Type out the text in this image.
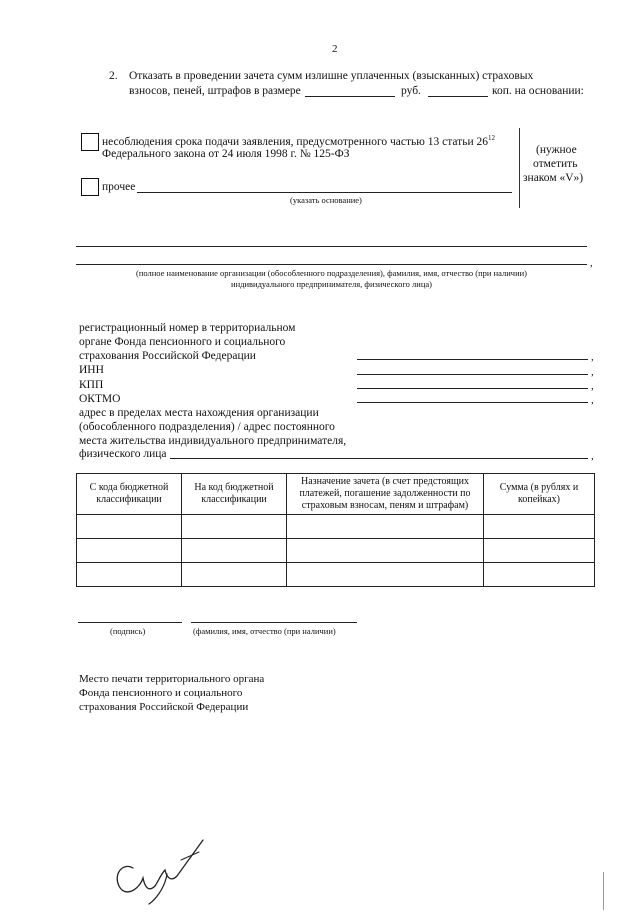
2
2. Отказать в проведении зачета сумм излишне уплаченных (взысканных) страховых
взносов, пеней, штрафов в размере	руб.	коп. на основании:
несоблюдения срока подачи заявления, предусмотренного частью 13 статьи $26^{12}$
Федерального закона от 24 июля 1998 г. № 125-ФЗ
прочее
(указать основание)
(нужное
отметить
знаком «V»)
,
(полное наименование организации (обособленного подразделения), фамилия, имя, отчество (при наличии)
индивидуального предпринимателя, физического лица)
регистрационный номер в территориальном
органе Фонда пенсионного и социального
страхования Российской Федерации	,
ИНН	,
КПП	,
ОКТМО	,
адрес в пределах места нахождения организации
(обособленного подразделения) / адрес постоянного
места жительства индивидуального предпринимателя,
физического лица	,
С кода бюджетной классификации	На код бюджетной классификации	Назначение зачета (в счет предстоящих платежей, погашение задолженности по страховым взносам, пеням и штрафам)	Сумма (в рублях и копейках)

(подпись)	(фамилия, имя, отчество (при наличии)
Место печати территориального органа
Фонда пенсионного и социального
страхования Российской Федерации
